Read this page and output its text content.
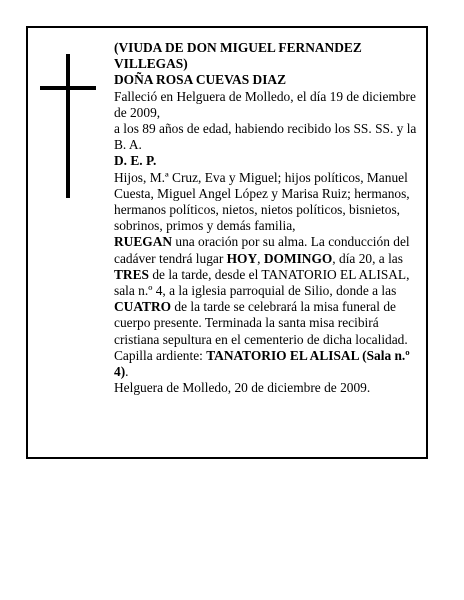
(VIUDA DE DON MIGUEL FERNANDEZ VILLEGAS)

DOÑA ROSA CUEVAS DIAZ

Falleció en Helguera de Molledo, el día 19 de diciembre de 2009,

a los 89 años de edad, habiendo recibido los SS. SS. y la B. A.

D. E. P.

Hijos, M.ª Cruz, Eva y Miguel; hijos políticos, Manuel Cuesta, Miguel Angel López y Marisa Ruiz; hermanos, hermanos políticos, nietos, nietos políticos, bisnietos, sobrinos, primos y demás familia,

RUEGAN una oración por su alma. La conducción del cadáver tendrá lugar HOY, DOMINGO, día 20, a las TRES de la tarde, desde el TANATORIO EL ALISAL, sala n.º 4, a la iglesia parroquial de Silio, donde a las CUATRO de la tarde se celebrará la misa funeral de cuerpo presente. Terminada la santa misa recibirá cristiana sepultura en el cementerio de dicha localidad.

Capilla ardiente: TANATORIO EL ALISAL (Sala n.º 4).

Helguera de Molledo, 20 de diciembre de 2009.
